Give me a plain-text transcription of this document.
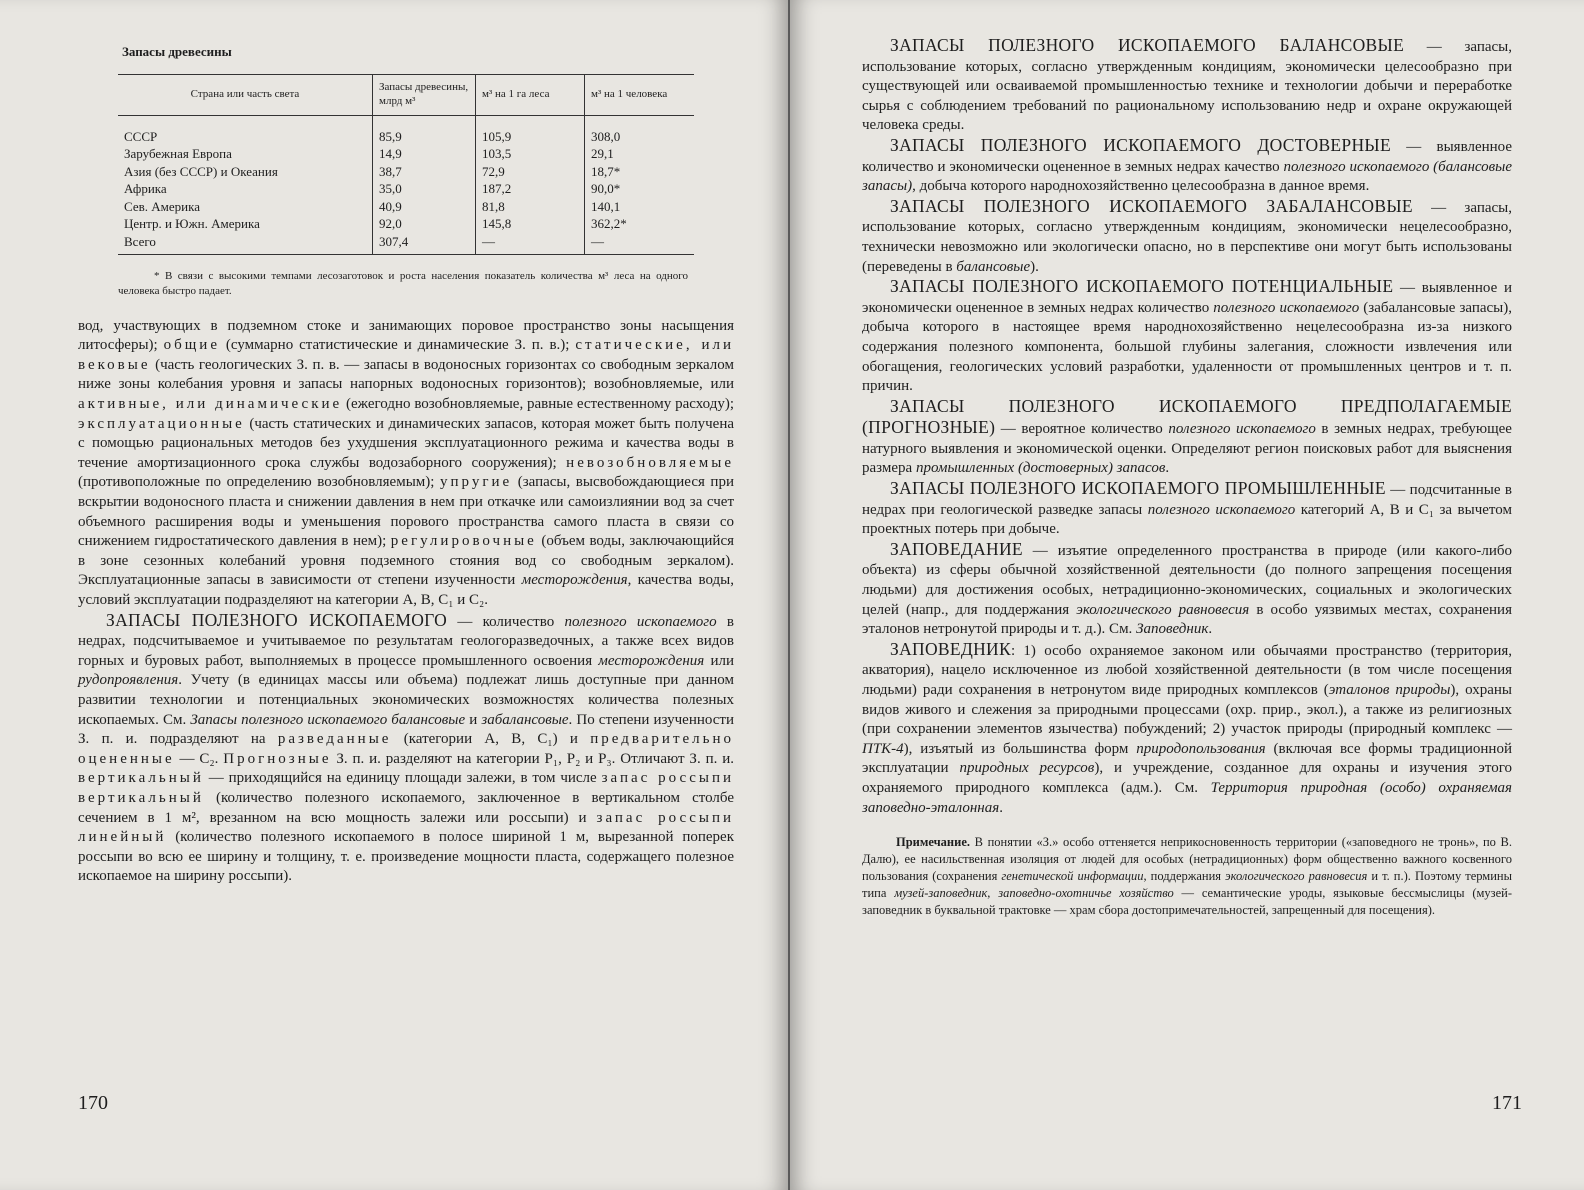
Запасы древесины
Страна или часть света	Запасы древесины, млрд м³	м³ на 1 га леса	м³ на 1 человека
СССР	85,9	105,9	308,0
Зарубежная Европа	14,9	103,5	29,1
Азия (без СССР) и Океания	38,7	72,9	18,7*
Африка	35,0	187,2	90,0*
Сев. Америка	40,9	81,8	140,1
Центр. и Южн. Америка	92,0	145,8	362,2*
Всего	307,4	—	—
* В связи с высокими темпами лесозаготовок и роста населения показатель количества м³ леса на одного человека быстро падает.

вод, участвующих в подземном стоке и занимающих поровое пространство зоны насыщения литосферы); общие (суммарно статистические и динамические З. п. в.); статические, или вековые (часть геологических З. п. в. — запасы в водоносных горизонтах со свободным зеркалом ниже зоны колебания уровня и запасы напорных водоносных горизонтов); возобновляемые, или активные, или динамические (ежегодно возобновляемые, равные естественному расходу); эксплуатационные (часть статических и динамических запасов, которая может быть получена с помощью рациональных методов без ухудшения эксплуатационного режима и качества воды в течение амортизационного срока службы водозаборного сооружения); невозобновляемые (противоположные по определению возобновляемым); упругие (запасы, высвобождающиеся при вскрытии водоносного пласта и снижении давления в нем при откачке или самоизлиянии вод за счет объемного расширения воды и уменьшения порового пространства самого пласта в связи со снижением гидростатического давления в нем); регулировочные (объем воды, заключающийся в зоне сезонных колебаний уровня подземного стояния вод со свободным зеркалом). Эксплуатационные запасы в зависимости от степени изученности месторождения, качества воды, условий эксплуатации подразделяют на категории А, В, C₁ и C₂.

ЗАПАСЫ ПОЛЕЗНОГО ИСКОПАЕМОГО — количество полезного ископаемого в недрах, подсчитываемое и учитываемое по результатам геологоразведочных, а также всех видов горных и буровых работ, выполняемых в процессе промышленного освоения месторождения или рудопроявления. Учету (в единицах массы или объема) подлежат лишь доступные при данном развитии технологии и потенциальных экономических возможностях количества полезных ископаемых. См. Запасы полезного ископаемого балансовые и забалансовые. По степени изученности З. п. и. подразделяют на разведанные (категории А, В, C₁) и предварительно оцененные — C₂. Прогнозные З. п. и. разделяют на категории P₁, P₂ и P₃. Отличают З. п. и. вертикальный — приходящийся на единицу площади залежи, в том числе запас россыпи вертикальный (количество полезного ископаемого, заключенное в вертикальном столбе сечением в 1 м², врезанном на всю мощность залежи или россыпи) и запас россыпи линейный (количество полезного ископаемого в полосе шириной 1 м, вырезанной поперек россыпи во всю ее ширину и толщину, т. е. произведение мощности пласта, содержащего полезное ископаемое на ширину россыпи).

170

ЗАПАСЫ ПОЛЕЗНОГО ИСКОПАЕМОГО БАЛАНСОВЫЕ — запасы, использование которых, согласно утвержденным кондициям, экономически целесообразно при существующей или осваиваемой промышленностью технике и технологии добычи и переработке сырья с соблюдением требований по рациональному использованию недр и охране окружающей человека среды.

ЗАПАСЫ ПОЛЕЗНОГО ИСКОПАЕМОГО ДОСТОВЕРНЫЕ — выявленное количество и экономически оцененное в земных недрах качество полезного ископаемого (балансовые запасы), добыча которого народнохозяйственно целесообразна в данное время.

ЗАПАСЫ ПОЛЕЗНОГО ИСКОПАЕМОГО ЗАБАЛАНСОВЫЕ — запасы, использование которых, согласно утвержденным кондициям, экономически нецелесообразно, технически невозможно или экологически опасно, но в перспективе они могут быть использованы (переведены в балансовые).

ЗАПАСЫ ПОЛЕЗНОГО ИСКОПАЕМОГО ПОТЕНЦИАЛЬНЫЕ — выявленное и экономически оцененное в земных недрах количество полезного ископаемого (забалансовые запасы), добыча которого в настоящее время народнохозяйственно нецелесообразна из-за низкого содержания полезного компонента, большой глубины залегания, сложности извлечения или обогащения, геологических условий разработки, удаленности от промышленных центров и т. п. причин.

ЗАПАСЫ ПОЛЕЗНОГО ИСКОПАЕМОГО ПРЕДПОЛАГАЕМЫЕ (ПРОГНОЗНЫЕ) — вероятное количество полезного ископаемого в земных недрах, требующее натурного выявления и экономической оценки. Определяют регион поисковых работ для выяснения размера промышленных (достоверных) запасов.

ЗАПАСЫ ПОЛЕЗНОГО ИСКОПАЕМОГО ПРОМЫШЛЕННЫЕ — подсчитанные в недрах при геологической разведке запасы полезного ископаемого категорий А, В и C₁ за вычетом проектных потерь при добыче.

ЗАПОВЕДАНИЕ — изъятие определенного пространства в природе (или какого-либо объекта) из сферы обычной хозяйственной деятельности (до полного запрещения посещения людьми) для достижения особых, нетрадиционно-экономических, социальных и экологических целей (напр., для поддержания экологического равновесия в особо уязвимых местах, сохранения эталонов нетронутой природы и т. д.). См. Заповедник.

ЗАПОВЕДНИК: 1) особо охраняемое законом или обычаями пространство (территория, акватория), нацело исключенное из любой хозяйственной деятельности (в том числе посещения людьми) ради сохранения в нетронутом виде природных комплексов (эталонов природы), охраны видов живого и слежения за природными процессами (охр. прир., экол.), а также из религиозных (при сохранении элементов язычества) побуждений; 2) участок природы (природный комплекс — ПТК-4), изъятый из большинства форм природопользования (включая все формы традиционной эксплуатации природных ресурсов), и учреждение, созданное для охраны и изучения этого охраняемого природного комплекса (адм.). См. Территория природная (особо) охраняемая заповедно-эталонная.

Примечание. В понятии «З.» особо оттеняется неприкосновенность территории («заповедного не тронь», по В. Далю), ее насильственная изоляция от людей для особых (нетрадиционных) форм общественно важного косвенного пользования (сохранения генетической информации, поддержания экологического равновесия и т. п.). Поэтому термины типа музей-заповедник, заповедно-охотничье хозяйство — семантические уроды, языковые бессмыслицы (музей-заповедник в буквальной трактовке — храм сбора достопримечательностей, запрещенный для посещения).
171
